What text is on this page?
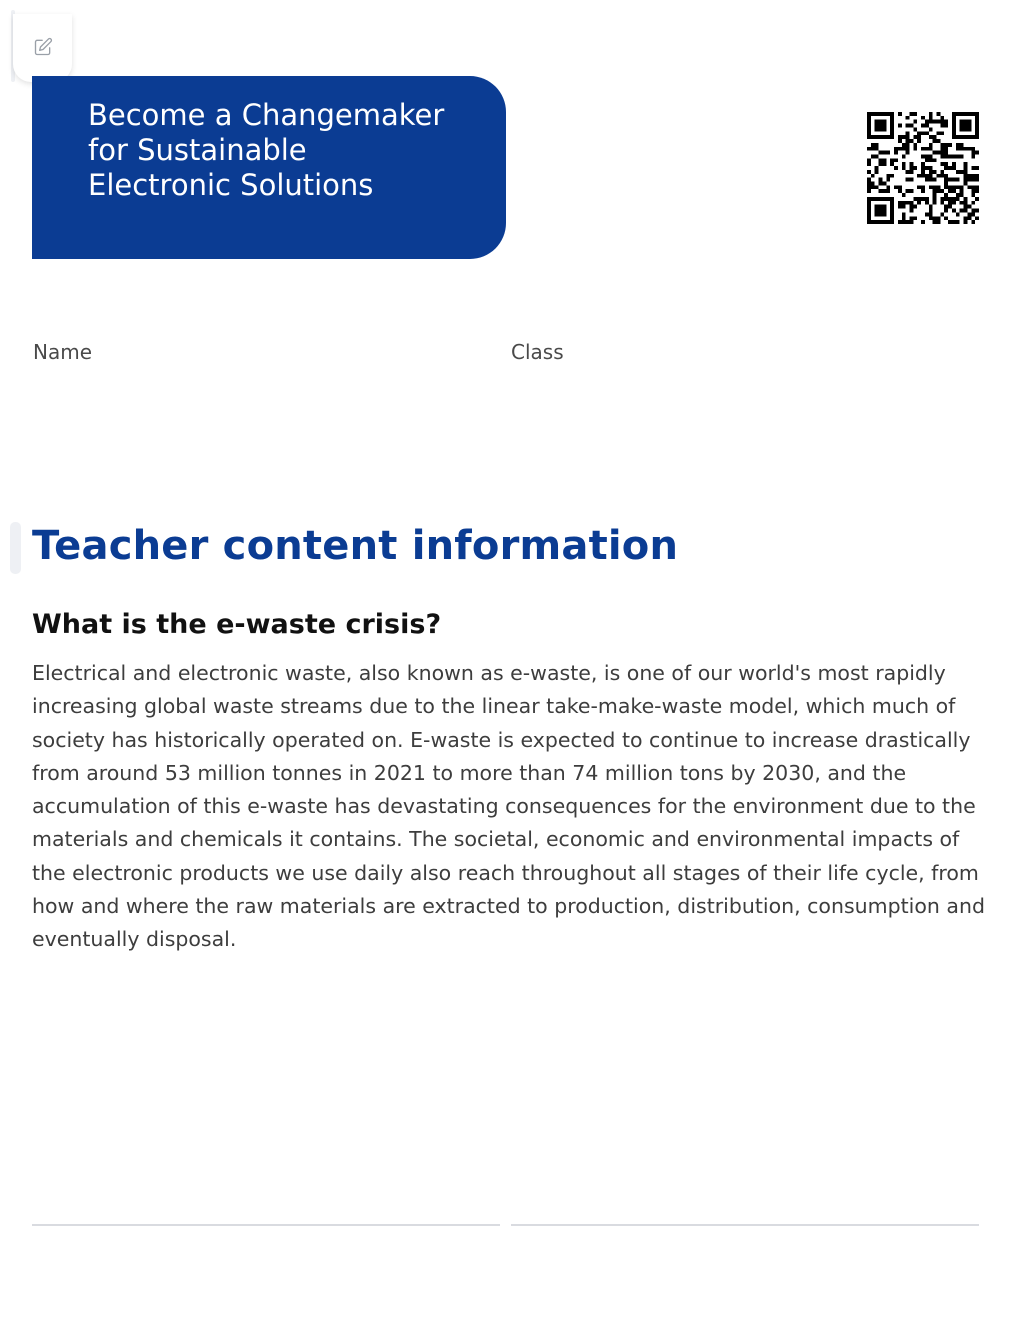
Become a Changemaker for Sustainable Electronic Solutions
Name	Class
Teacher content information
What is the e-waste crisis?

Electrical and electronic waste, also known as e-waste, is one of our world's most rapidly increasing global waste streams due to the linear take-make-waste model, which much of society has historically operated on. E-waste is expected to continue to increase drastically from around 53 million tonnes in 2021 to more than 74 million tons by 2030, and the accumulation of this e-waste has devastating consequences for the environment due to the materials and chemicals it contains. The societal, economic and environmental impacts of the electronic products we use daily also reach throughout all stages of their life cycle, from how and where the raw materials are extracted to production, distribution, consumption and eventually disposal.
